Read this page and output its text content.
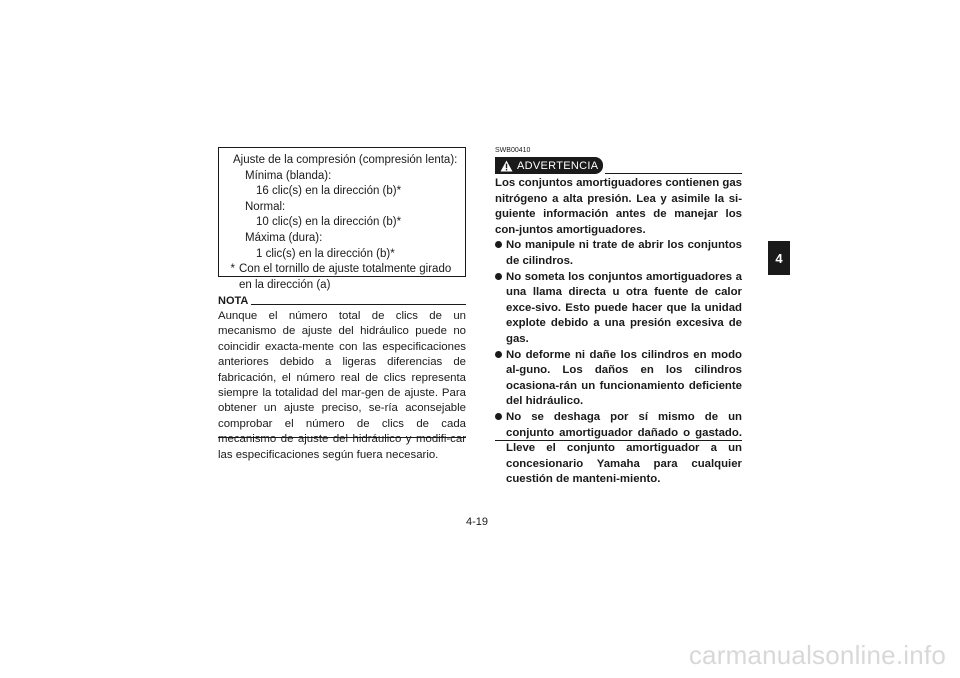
Ajuste de la compresión (compresión lenta):
Mínima (blanda):
16 clic(s) en la dirección (b)*
Normal:
10 clic(s) en la dirección (b)*
Máxima (dura):
1 clic(s) en la dirección (b)*
* Con el tornillo de ajuste totalmente girado en la dirección (a)
NOTA
Aunque el número total de clics de un mecanismo de ajuste del hidráulico puede no coincidir exacta-mente con las especificaciones anteriores debido a ligeras diferencias de fabricación, el número real de clics representa siempre la totalidad del mar-gen de ajuste. Para obtener un ajuste preciso, se-ría aconsejable comprobar el número de clics de cada mecanismo de ajuste del hidráulico y modifi-car las especificaciones según fuera necesario.
SWB00410
ADVERTENCIA

Los conjuntos amortiguadores contienen gas nitrógeno a alta presión. Lea y asimile la si-guiente información antes de manejar los con-juntos amortiguadores.

No manipule ni trate de abrir los conjuntos de cilindros.
No someta los conjuntos amortiguadores a una llama directa u otra fuente de calor exce-sivo. Esto puede hacer que la unidad explote debido a una presión excesiva de gas.
No deforme ni dañe los cilindros en modo al-guno. Los daños en los cilindros ocasiona-rán un funcionamiento deficiente del hidráulico.
No se deshaga por sí mismo de un conjunto amortiguador dañado o gastado. Lleve el conjunto amortiguador a un concesionario Yamaha para cualquier cuestión de manteni-miento.
4
4-19
carmanualsonline.info
